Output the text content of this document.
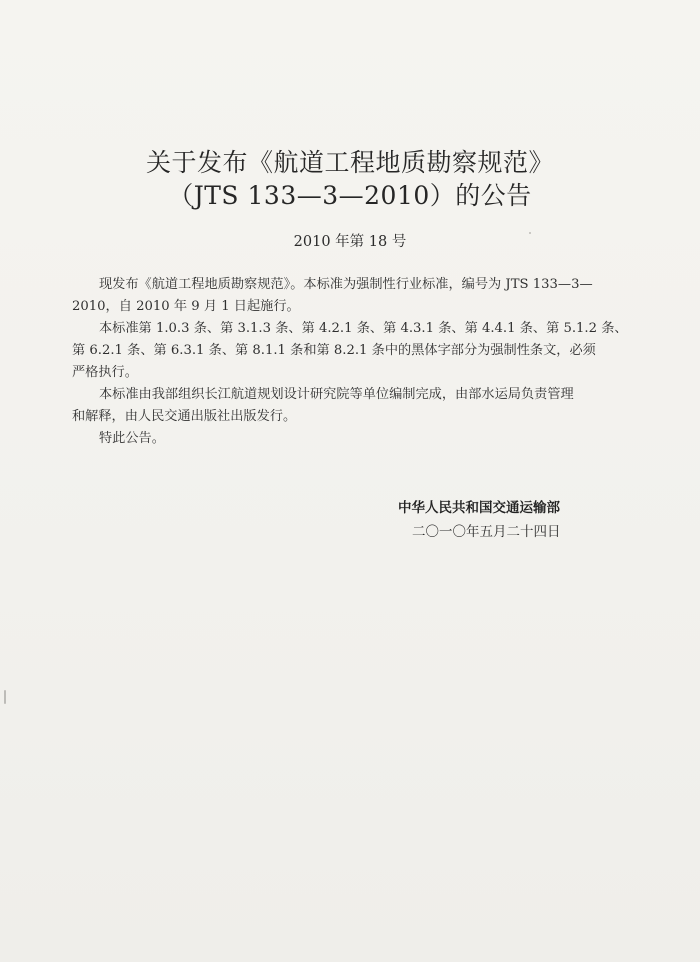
关于发布《航道工程地质勘察规范》
（JTS 133—3—2010）的公告
2010 年第 18 号
现发布《航道工程地质勘察规范》。本标准为强制性行业标准，编号为 JTS 133—3—
2010，自 2010 年 9 月 1 日起施行。
本标准第 1.0.3 条、第 3.1.3 条、第 4.2.1 条、第 4.3.1 条、第 4.4.1 条、第 5.1.2 条、
第 6.2.1 条、第 6.3.1 条、第 8.1.1 条和第 8.2.1 条中的黑体字部分为强制性条文，必须
严格执行。
本标准由我部组织长江航道规划设计研究院等单位编制完成，由部水运局负责管理
和解释，由人民交通出版社出版发行。
特此公告。
中华人民共和国交通运输部
二〇一〇年五月二十四日
